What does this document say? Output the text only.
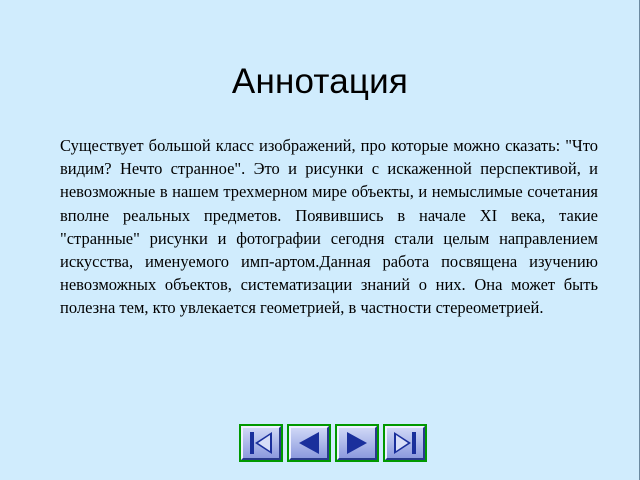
Аннотация
Существует большой класс изображений, про которые можно сказать: "Что видим? Нечто странное". Это и рисунки с искаженной перспективой, и невозможные в нашем трехмерном мире объекты, и немыслимые сочетания вполне реальных предметов. Появившись в начале XI века, такие "странные" рисунки и фотографии сегодня стали целым направлением искусства, именуемого имп-артом.Данная работа посвящена изучению невозможных объектов, систематизации знаний о них. Она может быть полезна тем, кто увлекается геометрией, в частности стереометрией.
